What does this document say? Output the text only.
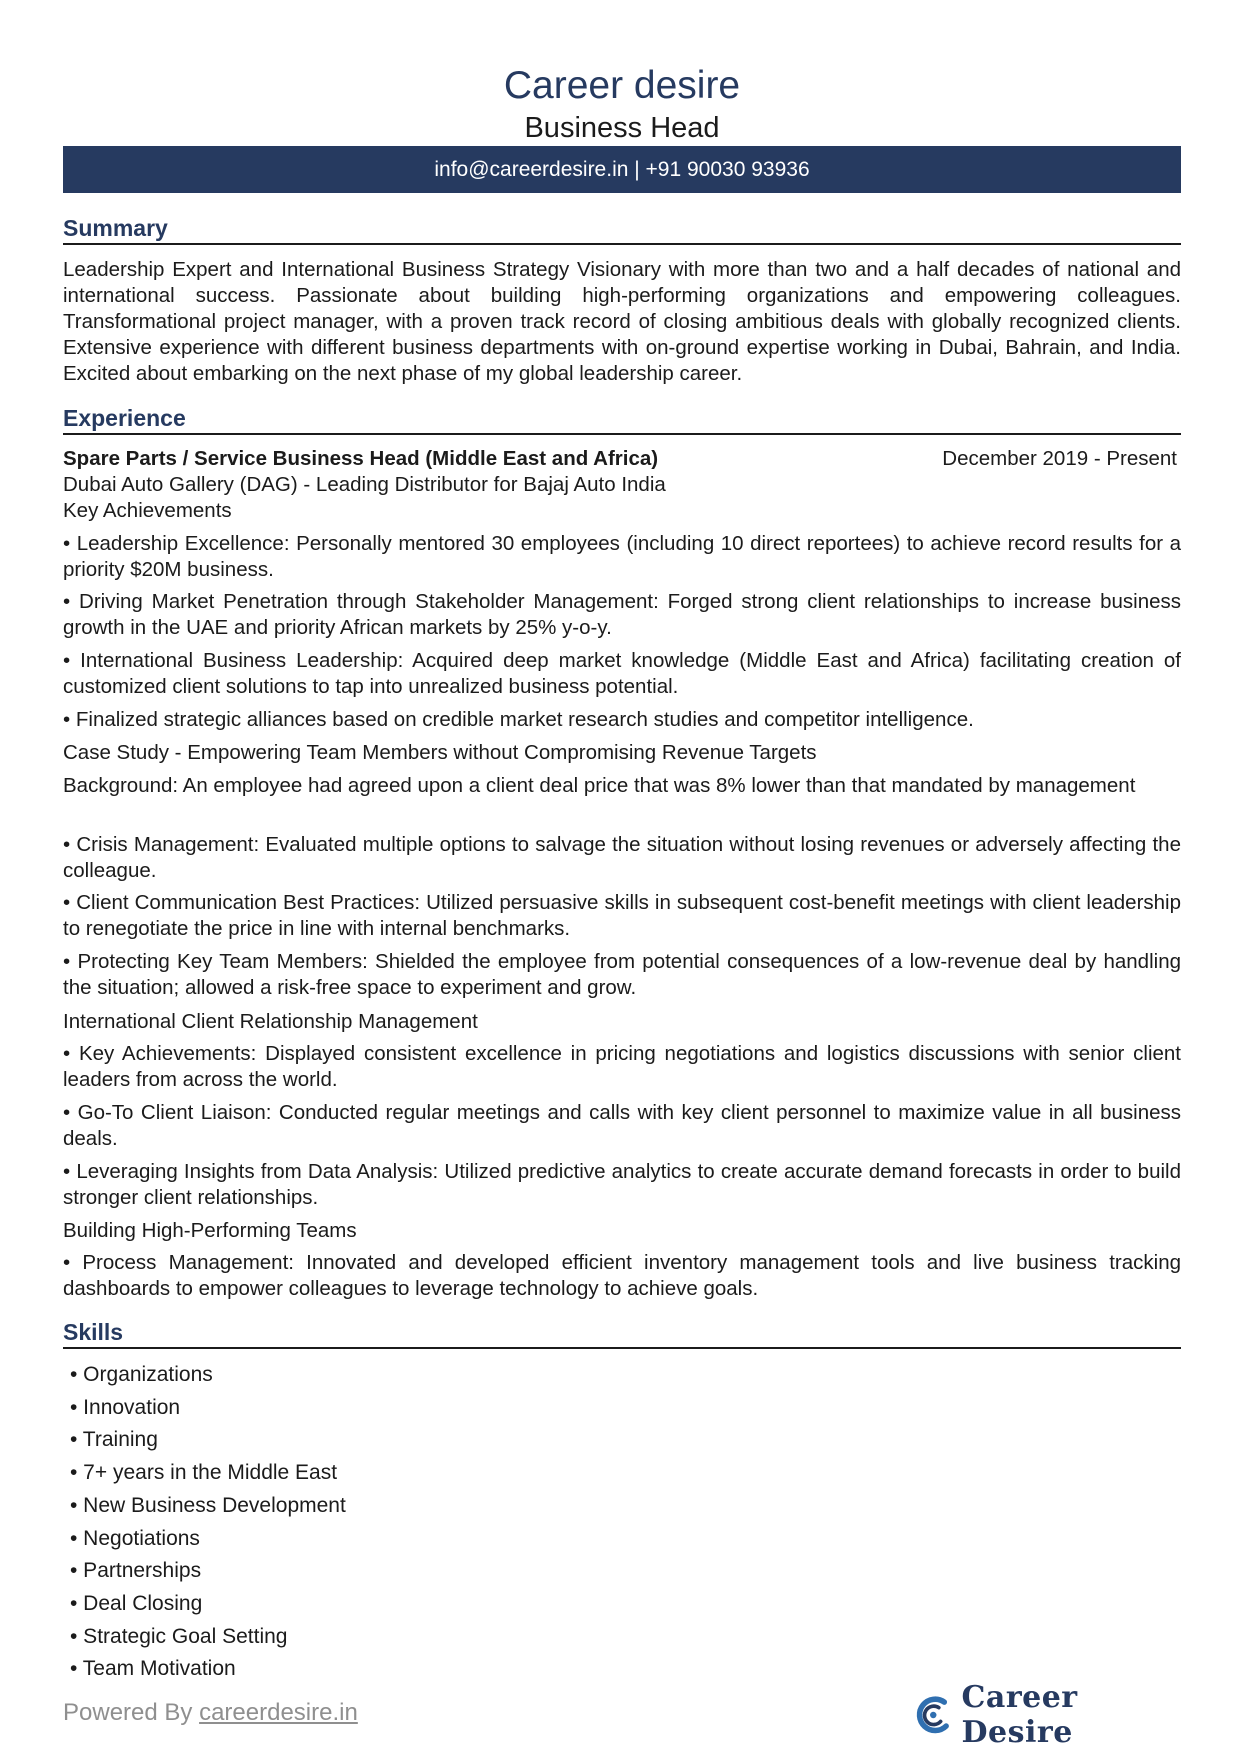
Career desire
Business Head
info@careerdesire.in | +91 90030 93936
Summary

Leadership Expert and International Business Strategy Visionary with more than two and a half decades of national and international success. Passionate about building high-performing organizations and empowering colleagues. Transformational project manager, with a proven track record of closing ambitious deals with globally recognized clients. Extensive experience with different business departments with on-ground expertise working in Dubai, Bahrain, and India. Excited about embarking on the next phase of my global leadership career.

Experience
Spare Parts / Service Business Head (Middle East and Africa)	December 2019 - Present
Dubai Auto Gallery (DAG) - Leading Distributor for Bajaj Auto India
Key Achievements
• Leadership Excellence: Personally mentored 30 employees (including 10 direct reportees) to achieve record results for a priority $20M business.
• Driving Market Penetration through Stakeholder Management: Forged strong client relationships to increase business growth in the UAE and priority African markets by 25% y-o-y.
• International Business Leadership: Acquired deep market knowledge (Middle East and Africa) facilitating creation of customized client solutions to tap into unrealized business potential.
• Finalized strategic alliances based on credible market research studies and competitor intelligence.
Case Study - Empowering Team Members without Compromising Revenue Targets
Background: An employee had agreed upon a client deal price that was 8% lower than that mandated by management
• Crisis Management: Evaluated multiple options to salvage the situation without losing revenues or adversely affecting the colleague.
• Client Communication Best Practices: Utilized persuasive skills in subsequent cost-benefit meetings with client leadership to renegotiate the price in line with internal benchmarks.
• Protecting Key Team Members: Shielded the employee from potential consequences of a low-revenue deal by handling the situation; allowed a risk-free space to experiment and grow.
International Client Relationship Management
• Key Achievements: Displayed consistent excellence in pricing negotiations and logistics discussions with senior client leaders from across the world.
• Go-To Client Liaison: Conducted regular meetings and calls with key client personnel to maximize value in all business deals.
• Leveraging Insights from Data Analysis: Utilized predictive analytics to create accurate demand forecasts in order to build stronger client relationships.
Building High-Performing Teams
• Process Management: Innovated and developed efficient inventory management tools and live business tracking dashboards to empower colleagues to leverage technology to achieve goals.
Skills
• Organizations
• Innovation
• Training
• 7+ years in the Middle East
• New Business Development
• Negotiations
• Partnerships
• Deal Closing
• Strategic Goal Setting
• Team Motivation
Powered By careerdesire.in	Career Desire
